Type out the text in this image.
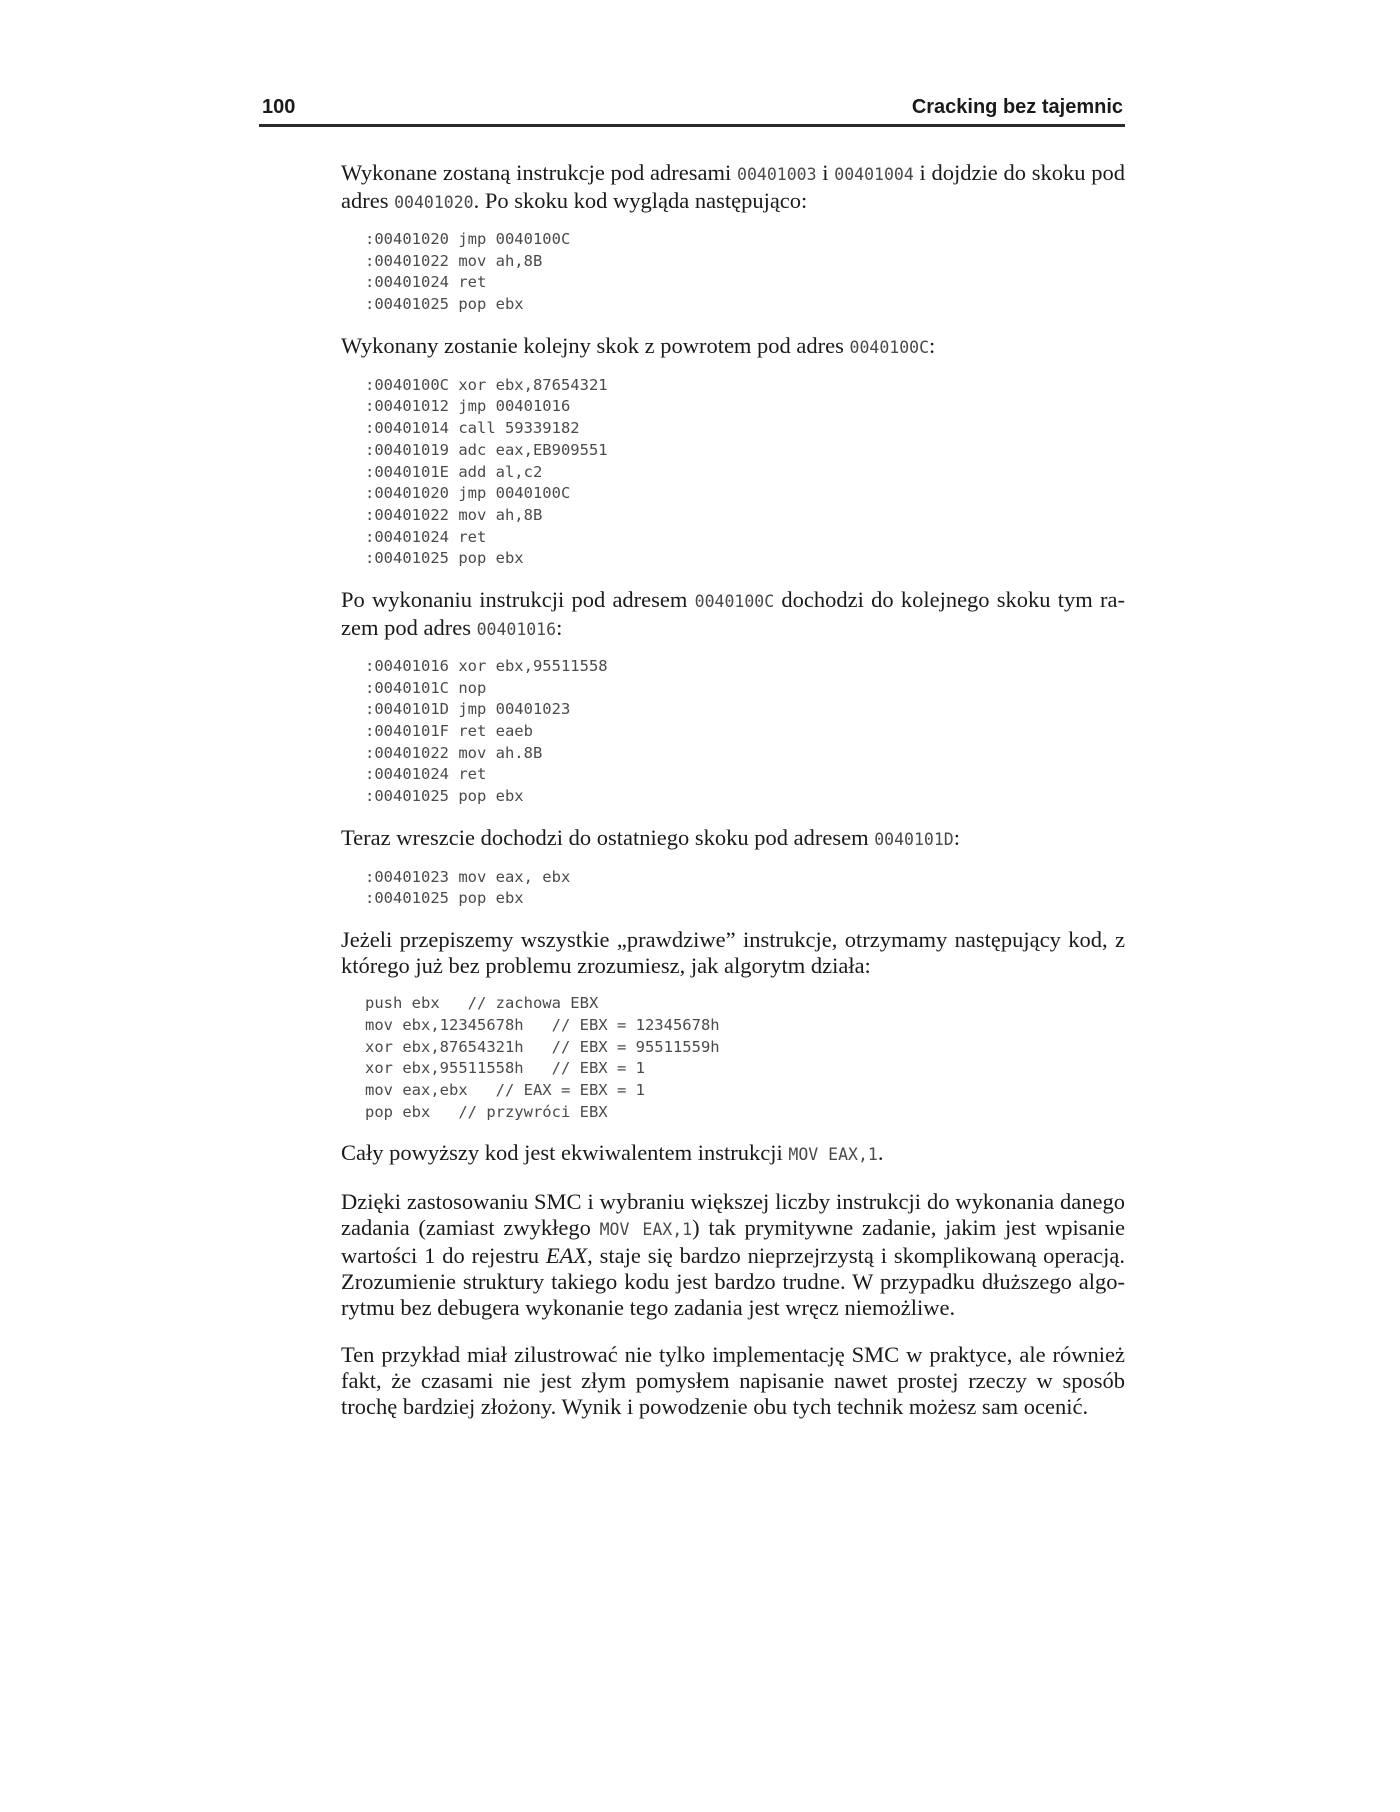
100	Cracking bez tajemnic

Wykonane zostaną instrukcje pod adresami 00401003 i 00401004 i dojdzie do skoku pod adres 00401020. Po skoku kod wygląda następująco:

:00401020 jmp 0040100C
:00401022 mov ah,8B
:00401024 ret
:00401025 pop ebx

Wykonany zostanie kolejny skok z powrotem pod adres 0040100C:

:0040100C xor ebx,87654321
:00401012 jmp 00401016
:00401014 call 59339182
:00401019 adc eax,EB909551
:0040101E add al,c2
:00401020 jmp 0040100C
:00401022 mov ah,8B
:00401024 ret
:00401025 pop ebx

Po wykonaniu instrukcji pod adresem 0040100C dochodzi do kolejnego skoku tym ra-zem pod adres 00401016:

:00401016 xor ebx,95511558
:0040101C nop
:0040101D jmp 00401023
:0040101F ret eaeb
:00401022 mov ah.8B
:00401024 ret
:00401025 pop ebx

Teraz wreszcie dochodzi do ostatniego skoku pod adresem 0040101D:

:00401023 mov eax, ebx
:00401025 pop ebx

Jeżeli przepiszemy wszystkie „prawdziwe” instrukcje, otrzymamy następujący kod, z którego już bez problemu zrozumiesz, jak algorytm działa:

push ebx   // zachowa EBX
mov ebx,12345678h   // EBX = 12345678h
xor ebx,87654321h   // EBX = 95511559h
xor ebx,95511558h   // EBX = 1
mov eax,ebx   // EAX = EBX = 1
pop ebx   // przywróci EBX

Cały powyższy kod jest ekwiwalentem instrukcji MOV EAX,1.

Dzięki zastosowaniu SMC i wybraniu większej liczby instrukcji do wykonania danego zadania (zamiast zwykłego MOV EAX,1) tak prymitywne zadanie, jakim jest wpisanie wartości 1 do rejestru EAX, staje się bardzo nieprzejrzystą i skomplikowaną operacją. Zrozumienie struktury takiego kodu jest bardzo trudne. W przypadku dłuższego algo-rytmu bez debugera wykonanie tego zadania jest wręcz niemożliwe.

Ten przykład miał zilustrować nie tylko implementację SMC w praktyce, ale również fakt, że czasami nie jest złym pomysłem napisanie nawet prostej rzeczy w sposób trochę bardziej złożony. Wynik i powodzenie obu tych technik możesz sam ocenić.
